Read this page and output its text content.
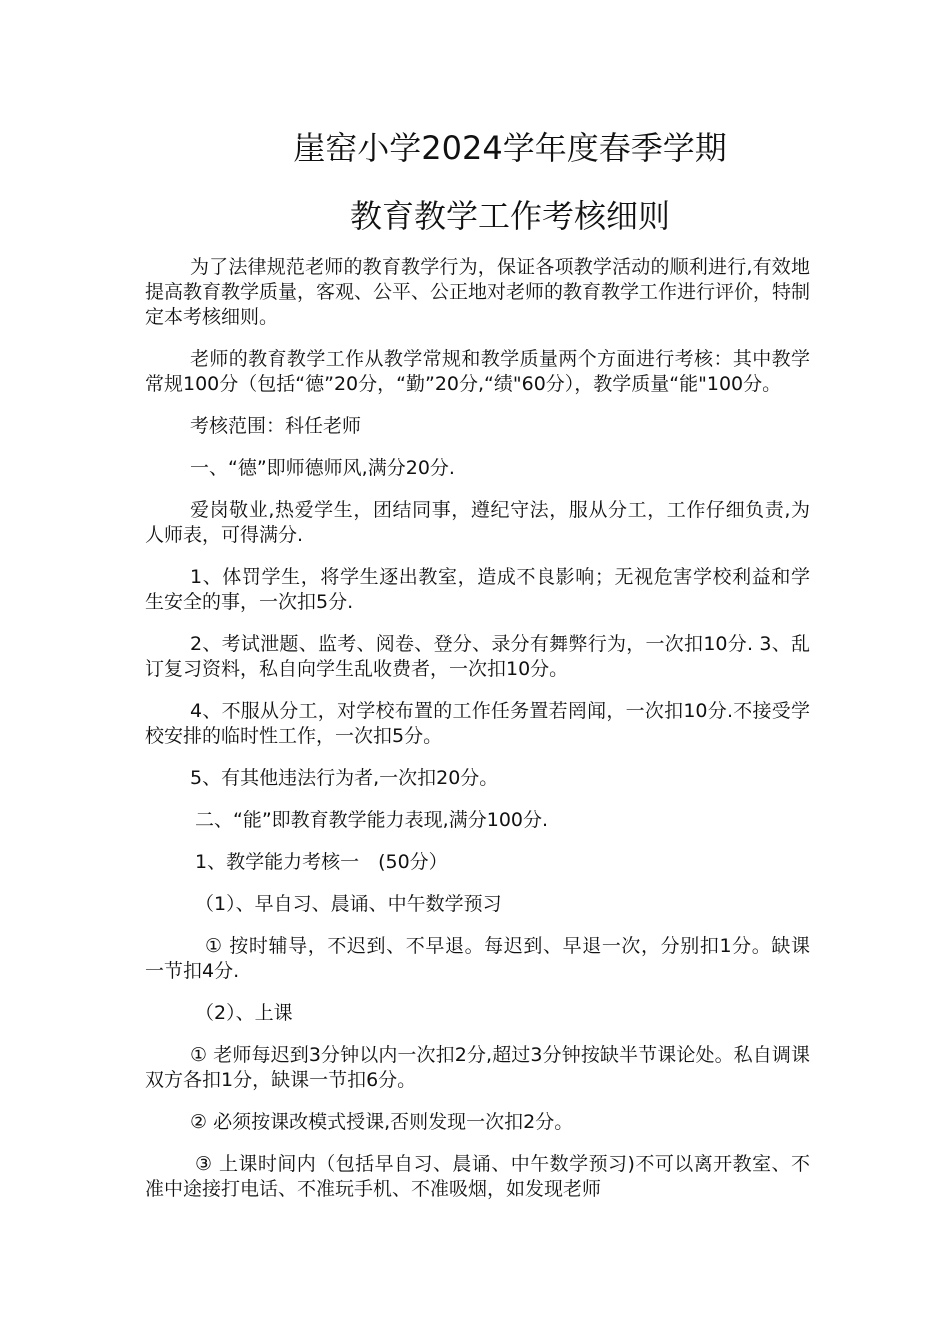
崖窑小学2024学年度春季学期
教育教学工作考核细则

为了法律规范老师的教育教学行为，保证各项教学活动的顺利进行,有效地提高教育教学质量，客观、公平、公正地对老师的教育教学工作进行评价，特制定本考核细则。

老师的教育教学工作从教学常规和教学质量两个方面进行考核：其中教学常规100分（包括“德”20分，“勤”20分,“绩"60分），教学质量“能"100分。

考核范围：科任老师

一、“德”即师德师风,满分20分.

爱岗敬业,热爱学生，团结同事，遵纪守法，服从分工，工作仔细负责,为人师表，可得满分.

1、体罚学生，将学生逐出教室，造成不良影响；无视危害学校利益和学生安全的事，一次扣5分.

2、考试泄题、监考、阅卷、登分、录分有舞弊行为，一次扣10分. 3、乱订复习资料，私自向学生乱收费者，一次扣10分。

4、不服从分工，对学校布置的工作任务置若罔闻，一次扣10分.不接受学校安排的临时性工作，一次扣5分。

5、有其他违法行为者,一次扣20分。

二、“能”即教育教学能力表现,满分100分.

1、教学能力考核一　(50分）

（1）、早自习、晨诵、中午数学预习

① 按时辅导，不迟到、不早退。每迟到、早退一次，分别扣1分。缺课一节扣4分.

（2）、上课

① 老师每迟到3分钟以内一次扣2分,超过3分钟按缺半节课论处。私自调课双方各扣1分，缺课一节扣6分。

② 必须按课改模式授课,否则发现一次扣2分。

③ 上课时间内（包括早自习、晨诵、中午数学预习)不可以离开教室、不准中途接打电话、不准玩手机、不准吸烟，如发现老师
